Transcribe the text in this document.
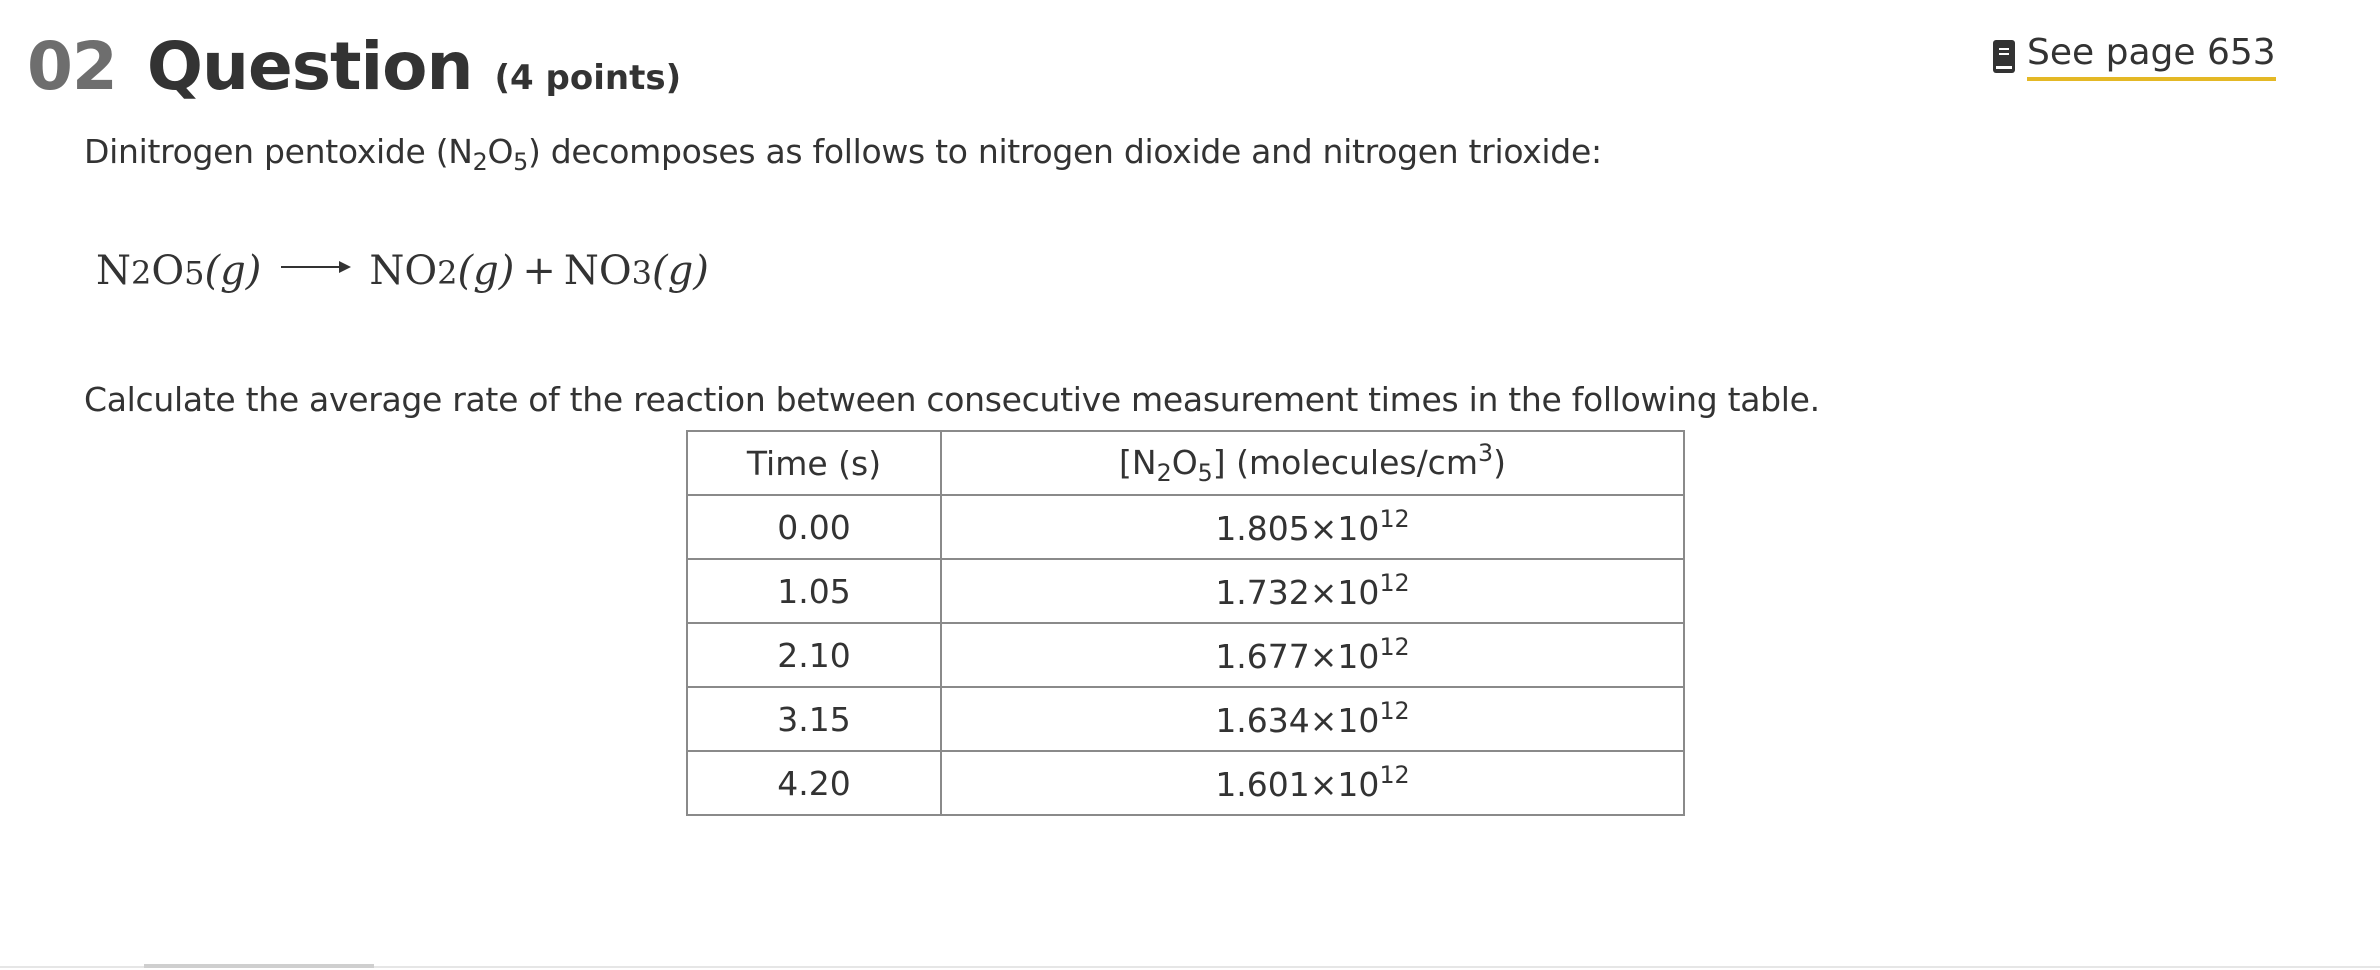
02 Question (4 points)
See page 653
Dinitrogen pentoxide $(N_2O_5)$ decomposes as follows to nitrogen dioxide and nitrogen trioxide:
N 2 O 5 (g)	NO 2 (g) + NO 3 (g)
Calculate the average rate of the reaction between consecutive measurement times in the following table.
Time (s)	$[N_2O_5]$ $(molecules/cm^3)$
0.00	$1.805\times 10^{12}$
1.05	$1.732\times 10^{12}$
2.10	$1.677\times 10^{12}$
3.15	$1.634\times 10^{12}$
4.20	$1.601\times 10^{12}$
